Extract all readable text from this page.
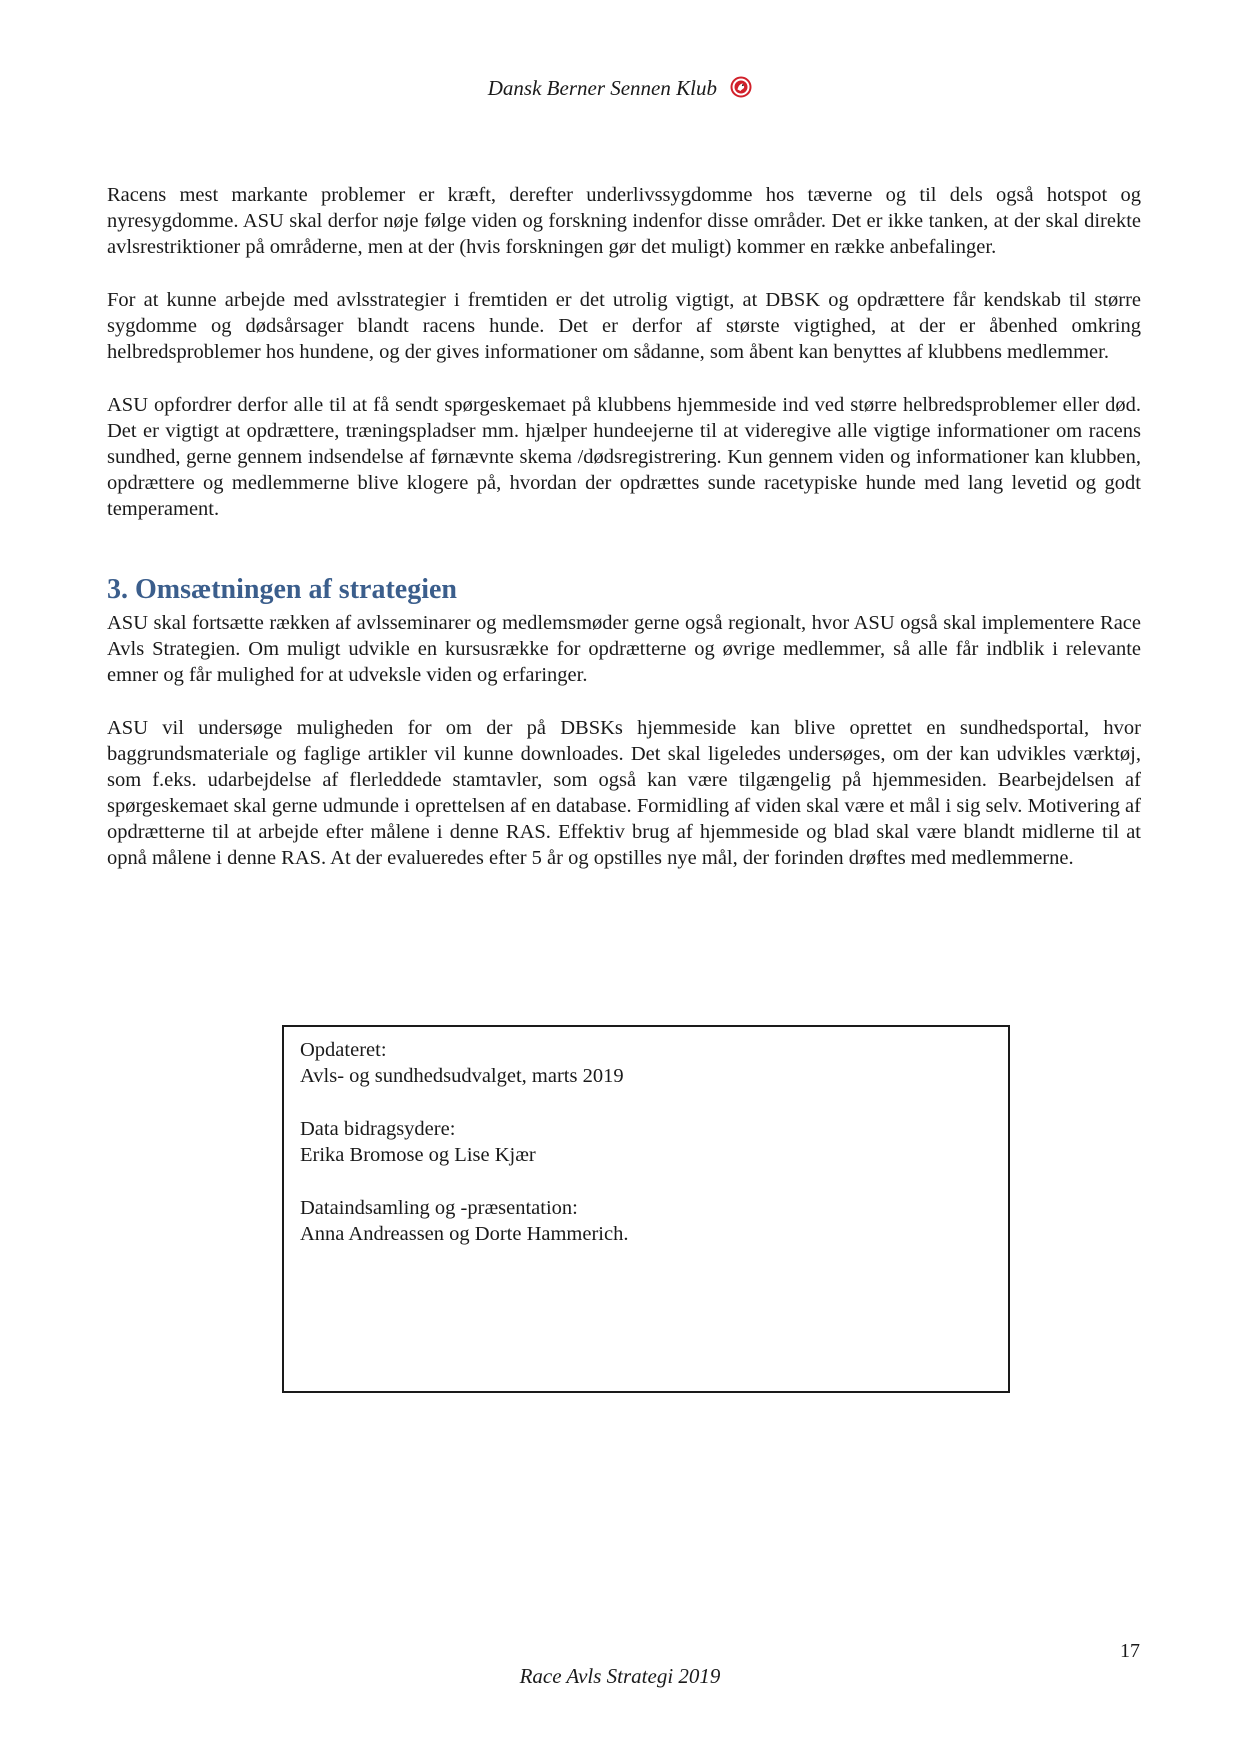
Dansk Berner Sennen Klub

Racens mest markante problemer er kræft, derefter underlivssygdomme hos tæverne og til dels også hotspot og nyresygdomme. ASU skal derfor nøje følge viden og forskning indenfor disse områder. Det er ikke tanken, at der skal direkte avlsrestriktioner på områderne, men at der (hvis forskningen gør det muligt) kommer en række anbefalinger.

For at kunne arbejde med avlsstrategier i fremtiden er det utrolig vigtigt, at DBSK og opdrættere får kendskab til større sygdomme og dødsårsager blandt racens hunde. Det er derfor af største vigtighed, at der er åbenhed omkring helbredsproblemer hos hundene, og der gives informationer om sådanne, som åbent kan benyttes af klubbens medlemmer.

ASU opfordrer derfor alle til at få sendt spørgeskemaet på klubbens hjemmeside ind ved større helbredsproblemer eller død. Det er vigtigt at opdrættere, træningspladser mm. hjælper hundeejerne til at videregive alle vigtige informationer om racens sundhed, gerne gennem indsendelse af førnævnte skema /dødsregistrering. Kun gennem viden og informationer kan klubben, opdrættere og medlemmerne blive klogere på, hvordan der opdrættes sunde racetypiske hunde med lang levetid og godt temperament.

3. Omsætningen af strategien

ASU skal fortsætte rækken af avlsseminarer og medlemsmøder gerne også regionalt, hvor ASU også skal implementere Race Avls Strategien. Om muligt udvikle en kursusrække for opdrætterne og øvrige medlemmer, så alle får indblik i relevante emner og får mulighed for at udveksle viden og erfaringer.

ASU vil undersøge muligheden for om der på DBSKs hjemmeside kan blive oprettet en sundhedsportal, hvor baggrundsmateriale og faglige artikler vil kunne downloades. Det skal ligeledes undersøges, om der kan udvikles værktøj, som f.eks. udarbejdelse af flerleddede stamtavler, som også kan være tilgængelig på hjemmesiden. Bearbejdelsen af spørgeskemaet skal gerne udmunde i oprettelsen af en database. Formidling af viden skal være et mål i sig selv. Motivering af opdrætterne til at arbejde efter målene i denne RAS. Effektiv brug af hjemmeside og blad skal være blandt midlerne til at opnå målene i denne RAS. At der evalueredes efter 5 år og opstilles nye mål, der forinden drøftes med medlemmerne.

Opdateret:
Avls- og sundhedsudvalget, marts 2019
Data bidragsydere:
Erika Bromose og Lise Kjær
Dataindsamling og -præsentation:
Anna Andreassen og Dorte Hammerich.
17
Race Avls Strategi 2019
